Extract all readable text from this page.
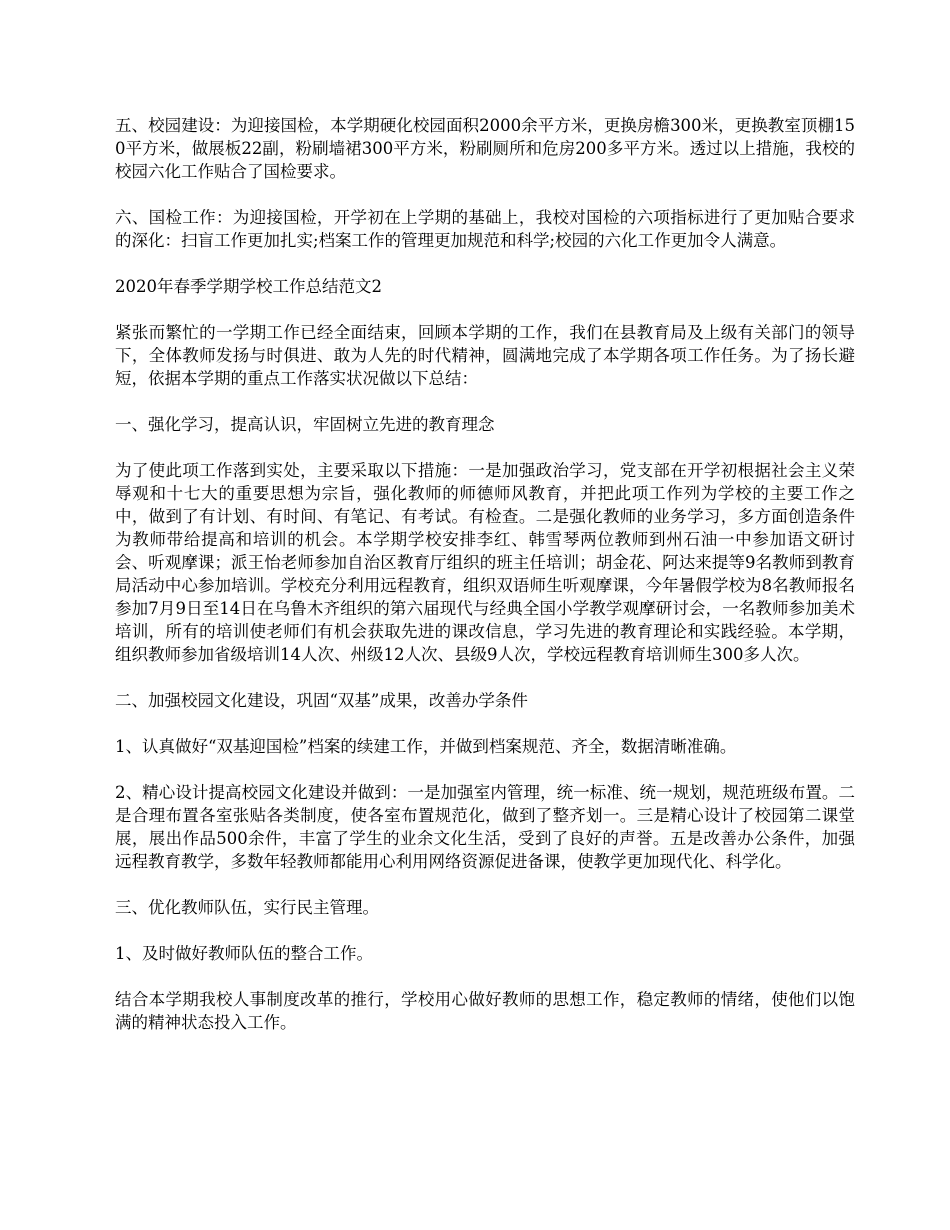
五、校园建设：为迎接国检，本学期硬化校园面积2000余平方米，更换房檐300米，更换教室顶棚150平方米，做展板22副，粉刷墙裙300平方米，粉刷厕所和危房200多平方米。透过以上措施，我校的校园六化工作贴合了国检要求。

六、国检工作：为迎接国检，开学初在上学期的基础上，我校对国检的六项指标进行了更加贴合要求的深化：扫盲工作更加扎实;档案工作的管理更加规范和科学;校园的六化工作更加令人满意。

2020年春季学期学校工作总结范文2

紧张而繁忙的一学期工作已经全面结束，回顾本学期的工作，我们在县教育局及上级有关部门的领导下，全体教师发扬与时俱进、敢为人先的时代精神，圆满地完成了本学期各项工作任务。为了扬长避短，依据本学期的重点工作落实状况做以下总结：

一、强化学习，提高认识，牢固树立先进的教育理念

为了使此项工作落到实处，主要采取以下措施：一是加强政治学习，党支部在开学初根据社会主义荣辱观和十七大的重要思想为宗旨，强化教师的师德师风教育，并把此项工作列为学校的主要工作之中，做到了有计划、有时间、有笔记、有考试。有检查。二是强化教师的业务学习，多方面创造条件为教师带给提高和培训的机会。本学期学校安排李红、韩雪琴两位教师到州石油一中参加语文研讨会、听观摩课；派王怡老师参加自治区教育厅组织的班主任培训；胡金花、阿达来提等9名教师到教育局活动中心参加培训。学校充分利用远程教育，组织双语师生听观摩课，今年暑假学校为8名教师报名参加7月9日至14日在乌鲁木齐组织的第六届现代与经典全国小学教学观摩研讨会，一名教师参加美术培训，所有的培训使老师们有机会获取先进的课改信息，学习先进的教育理论和实践经验。本学期，组织教师参加省级培训14人次、州级12人次、县级9人次，学校远程教育培训师生300多人次。

二、加强校园文化建设，巩固“双基”成果，改善办学条件

1、认真做好“双基迎国检”档案的续建工作，并做到档案规范、齐全，数据清晰准确。

2、精心设计提高校园文化建设并做到：一是加强室内管理，统一标准、统一规划，规范班级布置。二是合理布置各室张贴各类制度，使各室布置规范化，做到了整齐划一。三是精心设计了校园第二课堂展，展出作品500余件，丰富了学生的业余文化生活，受到了良好的声誉。五是改善办公条件，加强远程教育教学，多数年轻教师都能用心利用网络资源促进备课，使教学更加现代化、科学化。

三、优化教师队伍，实行民主管理。

1、及时做好教师队伍的整合工作。

结合本学期我校人事制度改革的推行，学校用心做好教师的思想工作，稳定教师的情绪，使他们以饱满的精神状态投入工作。
